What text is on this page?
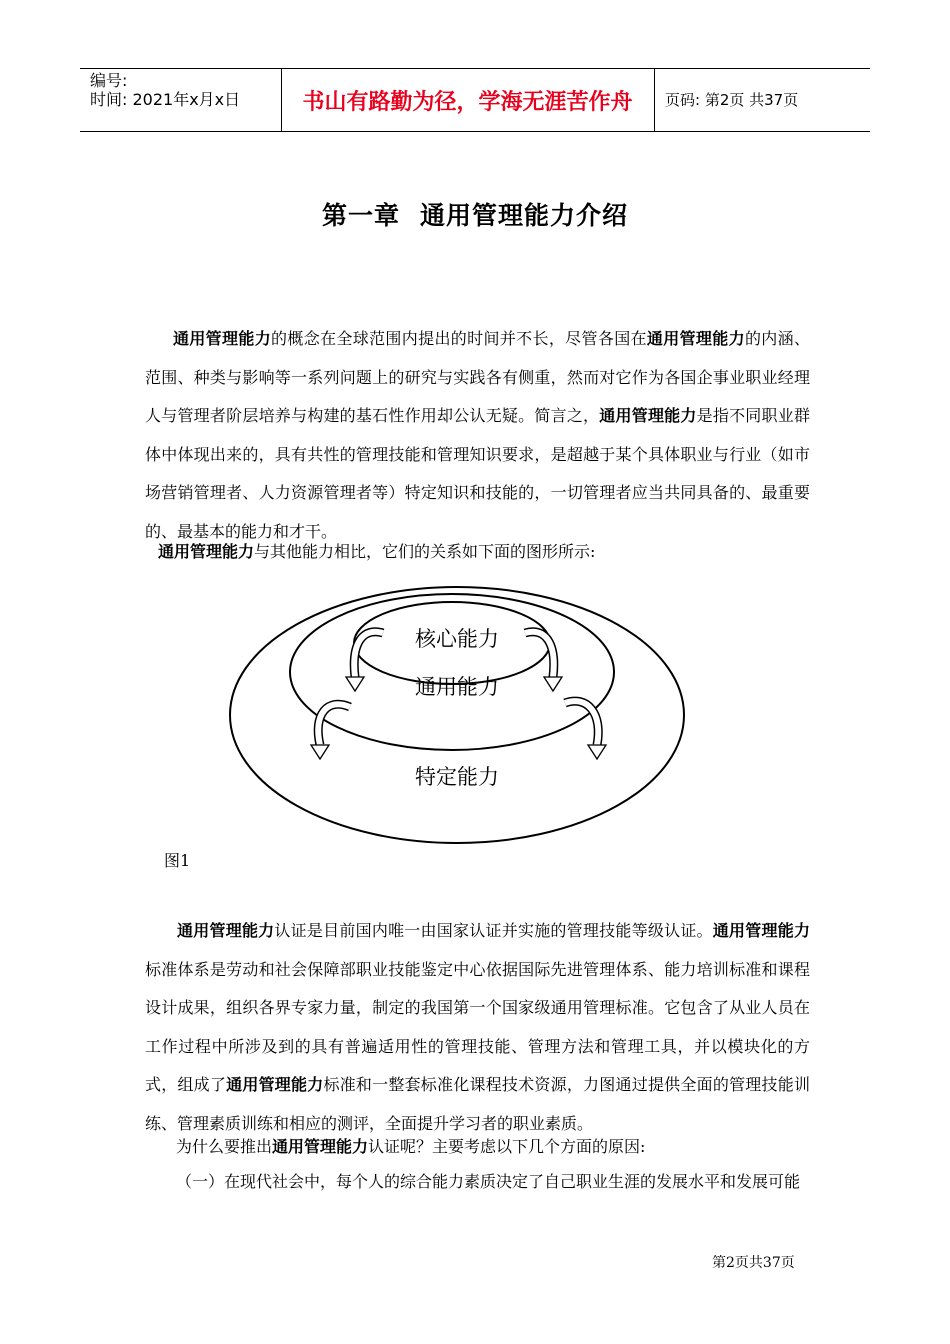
编号:
时间: 2021年x月x日	书山有路勤为径，学海无涯苦作舟	页码: 第2页 共37页
第一章 通用管理能力介绍
通用管理能力的概念在全球范围内提出的时间并不长，尽管各国在通用管理能力的内涵、范围、种类与影响等一系列问题上的研究与实践各有侧重，然而对它作为各国企事业职业经理人与管理者阶层培养与构建的基石性作用却公认无疑。简言之，通用管理能力是指不同职业群体中体现出来的，具有共性的管理技能和管理知识要求，是超越于某个具体职业与行业（如市场营销管理者、人力资源管理者等）特定知识和技能的，一切管理者应当共同具备的、最重要的、最基本的能力和才干。
通用管理能力与其他能力相比，它们的关系如下面的图形所示:
核心能力
通用能力
特定能力
图1
通用管理能力认证是目前国内唯一由国家认证并实施的管理技能等级认证。通用管理能力标准体系是劳动和社会保障部职业技能鉴定中心依据国际先进管理体系、能力培训标准和课程设计成果，组织各界专家力量，制定的我国第一个国家级通用管理标准。它包含了从业人员在工作过程中所涉及到的具有普遍适用性的管理技能、管理方法和管理工具，并以模块化的方式，组成了通用管理能力标准和一整套标准化课程技术资源，力图通过提供全面的管理技能训练、管理素质训练和相应的测评，全面提升学习者的职业素质。
为什么要推出通用管理能力认证呢？主要考虑以下几个方面的原因:
（一）在现代社会中，每个人的综合能力素质决定了自己职业生涯的发展水平和发展可能
第2页共37页
